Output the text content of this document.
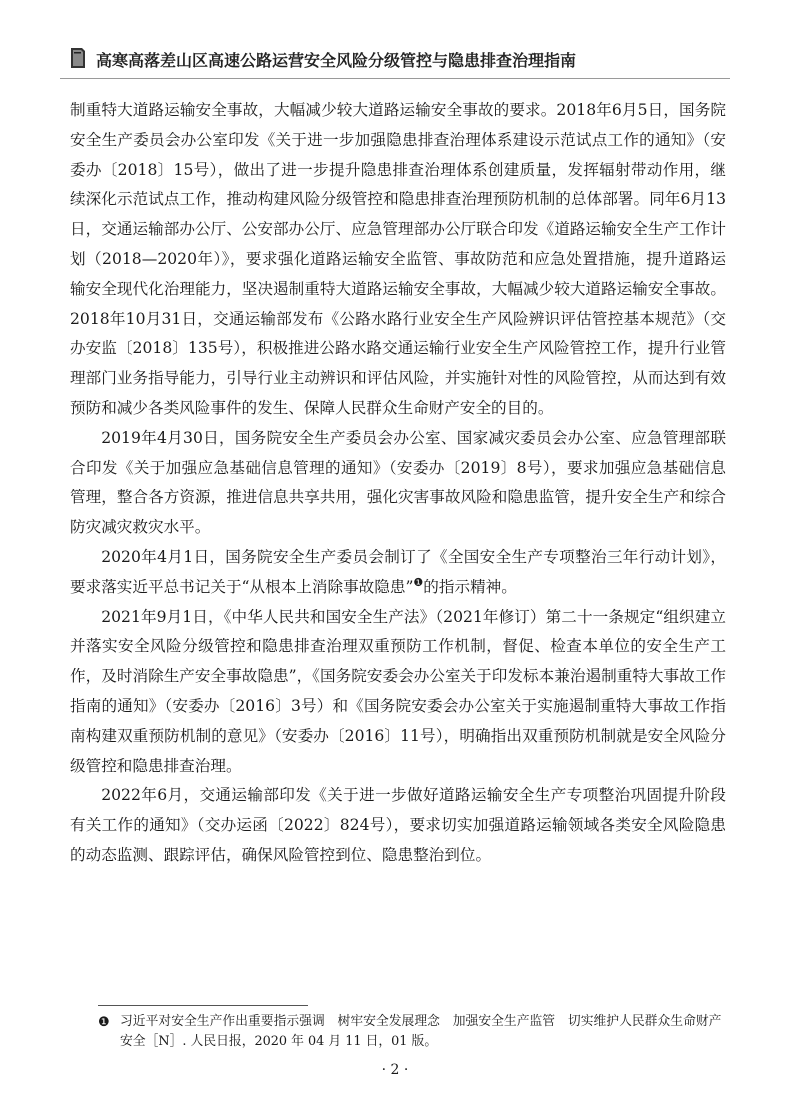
高寒高落差山区高速公路运营安全风险分级管控与隐患排查治理指南

制重特大道路运输安全事故，大幅减少较大道路运输安全事故的要求。2018年6月5日，国务院安全生产委员会办公室印发《关于进一步加强隐患排查治理体系建设示范试点工作的通知》（安委办〔2018〕15号），做出了进一步提升隐患排查治理体系创建质量，发挥辐射带动作用，继续深化示范试点工作，推动构建风险分级管控和隐患排查治理预防机制的总体部署。同年6月13日，交通运输部办公厅、公安部办公厅、应急管理部办公厅联合印发《道路运输安全生产工作计划（2018—2020年）》，要求强化道路运输安全监管、事故防范和应急处置措施，提升道路运输安全现代化治理能力，坚决遏制重特大道路运输安全事故，大幅减少较大道路运输安全事故。2018年10月31日，交通运输部发布《公路水路行业安全生产风险辨识评估管控基本规范》（交办安监〔2018〕135号），积极推进公路水路交通运输行业安全生产风险管控工作，提升行业管理部门业务指导能力，引导行业主动辨识和评估风险，并实施针对性的风险管控，从而达到有效预防和减少各类风险事件的发生、保障人民群众生命财产安全的目的。

2019年4月30日，国务院安全生产委员会办公室、国家减灾委员会办公室、应急管理部联合印发《关于加强应急基础信息管理的通知》（安委办〔2019〕8号），要求加强应急基础信息管理，整合各方资源，推进信息共享共用，强化灾害事故风险和隐患监管，提升安全生产和综合防灾减灾救灾水平。

2020年4月1日，国务院安全生产委员会制订了《全国安全生产专项整治三年行动计划》，要求落实近平总书记关于“从根本上消除事故隐患”$^❶$的指示精神。

2021年9月1日，《中华人民共和国安全生产法》（2021年修订）第二十一条规定“组织建立并落实安全风险分级管控和隐患排查治理双重预防工作机制，督促、检查本单位的安全生产工作，及时消除生产安全事故隐患”，《国务院安委会办公室关于印发标本兼治遏制重特大事故工作指南的通知》（安委办〔2016〕3号）和《国务院安委会办公室关于实施遏制重特大事故工作指南构建双重预防机制的意见》（安委办〔2016〕11号），明确指出双重预防机制就是安全风险分级管控和隐患排查治理。

2022年6月，交通运输部印发《关于进一步做好道路运输安全生产专项整治巩固提升阶段有关工作的通知》（交办运函〔2022〕824号），要求切实加强道路运输领域各类安全风险隐患的动态监测、跟踪评估，确保风险管控到位、隐患整治到位。

❶ 习近平对安全生产作出重要指示强调　树牢安全发展理念　加强安全生产监管　切实维护人民群众生命财产安全［N］. 人民日报，2020 年 04 月 11 日，01 版。
· 2 ·
